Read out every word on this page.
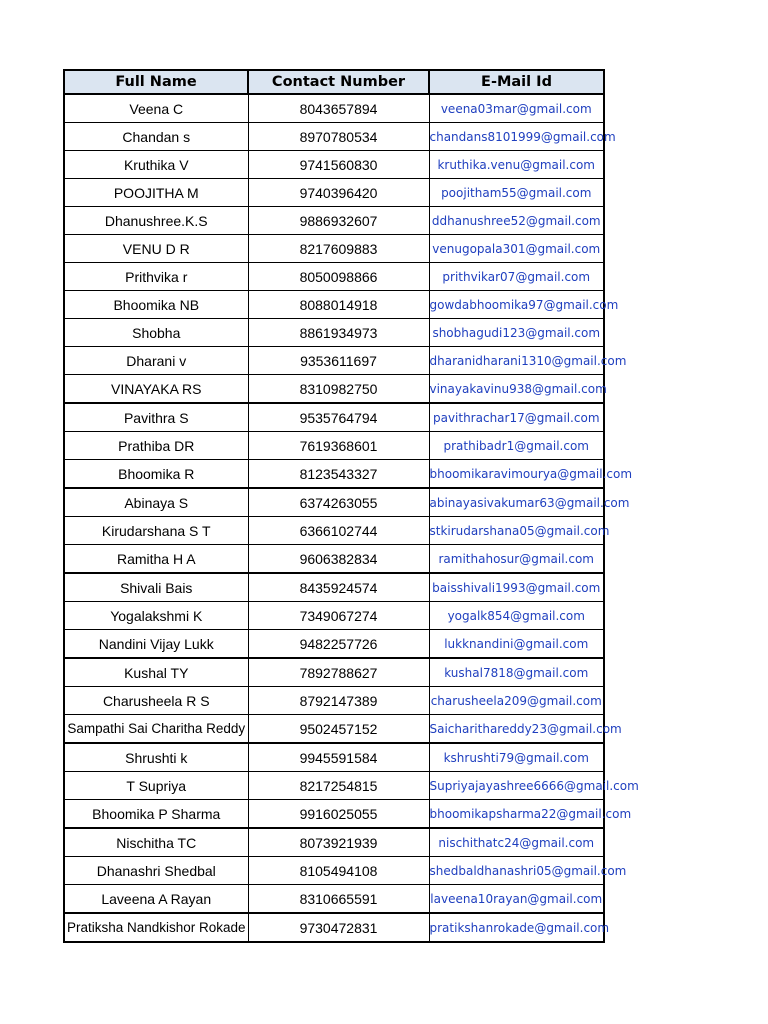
Full Name	Contact Number	E-Mail Id
Veena C	8043657894	veena03mar@gmail.com
Chandan s	8970780534	chandans8101999@gmail.com
Kruthika V	9741560830	kruthika.venu@gmail.com
POOJITHA M	9740396420	poojitham55@gmail.com
Dhanushree.K.S	9886932607	ddhanushree52@gmail.com
VENU D R	8217609883	venugopala301@gmail.com
Prithvika r	8050098866	prithvikar07@gmail.com
Bhoomika NB	8088014918	gowdabhoomika97@gmail.com
Shobha	8861934973	shobhagudi123@gmail.com
Dharani v	9353611697	dharanidharani1310@gmail.com
VINAYAKA RS	8310982750	vinayakavinu938@gmail.com
Pavithra S	9535764794	pavithrachar17@gmail.com
Prathiba DR	7619368601	prathibadr1@gmail.com
Bhoomika R	8123543327	bhoomikaravimourya@gmail.com
Abinaya S	6374263055	abinayasivakumar63@gmail.com
Kirudarshana S T	6366102744	stkirudarshana05@gmail.com
Ramitha H A	9606382834	ramithahosur@gmail.com
Shivali Bais	8435924574	baisshivali1993@gmail.com
Yogalakshmi K	7349067274	yogalk854@gmail.com
Nandini Vijay Lukk	9482257726	lukknandini@gmail.com
Kushal TY	7892788627	kushal7818@gmail.com
Charusheela R S	8792147389	charusheela209@gmail.com
Sampathi Sai Charitha Reddy	9502457152	Saicharithareddy23@gmail.com
Shrushti k	9945591584	kshrushti79@gmail.com
T Supriya	8217254815	Supriyajayashree6666@gmail.com
Bhoomika P Sharma	9916025055	bhoomikapsharma22@gmail.com
Nischitha TC	8073921939	nischithatc24@gmail.com
Dhanashri Shedbal	8105494108	shedbaldhanashri05@gmail.com
Laveena A Rayan	8310665591	laveena10rayan@gmail.com
Pratiksha Nandkishor Rokade	9730472831	pratikshanrokade@gmail.com
